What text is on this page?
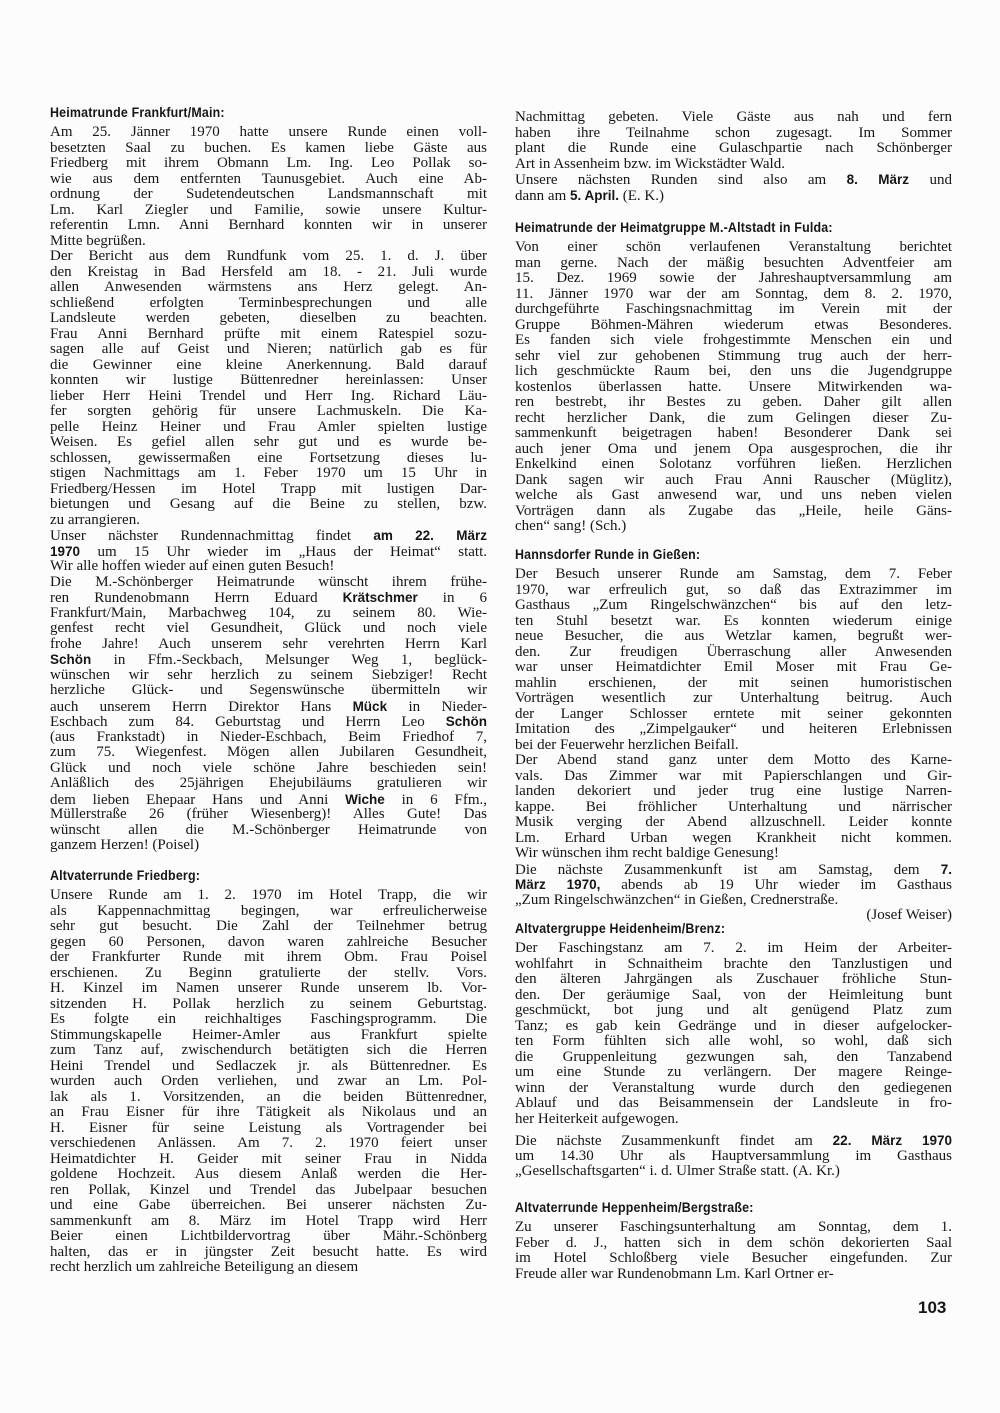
Heimatrunde Frankfurt/Main:
Am 25. Jänner 1970 hatte unsere Runde einen voll-
besetzten Saal zu buchen. Es kamen liebe Gäste aus
Friedberg mit ihrem Obmann Lm. Ing. Leo Pollak so-
wie aus dem entfernten Taunusgebiet. Auch eine Ab-
ordnung der Sudetendeutschen Landsmannschaft mit
Lm. Karl Ziegler und Familie, sowie unsere Kultur-
referentin Lmn. Anni Bernhard konnten wir in unserer
Mitte begrüßen.
Der Bericht aus dem Rundfunk vom 25. 1. d. J. über
den Kreistag in Bad Hersfeld am 18. - 21. Juli wurde
allen Anwesenden wärmstens ans Herz gelegt. An-
schließend erfolgten Terminbesprechungen und alle
Landsleute werden gebeten, dieselben zu beachten.
Frau Anni Bernhard prüfte mit einem Ratespiel sozu-
sagen alle auf Geist und Nieren; natürlich gab es für
die Gewinner eine kleine Anerkennung. Bald darauf
konnten wir lustige Büttenredner hereinlassen: Unser
lieber Herr Heini Trendel und Herr Ing. Richard Läu-
fer sorgten gehörig für unsere Lachmuskeln. Die Ka-
pelle Heinz Heiner und Frau Amler spielten lustige
Weisen. Es gefiel allen sehr gut und es wurde be-
schlossen, gewissermaßen eine Fortsetzung dieses lu-
stigen Nachmittags am 1. Feber 1970 um 15 Uhr in
Friedberg/Hessen im Hotel Trapp mit lustigen Dar-
bietungen und Gesang auf die Beine zu stellen, bzw.
zu arrangieren.
Unser nächster Rundennachmittag findet am 22. März
1970 um 15 Uhr wieder im „Haus der Heimat“ statt.
Wir alle hoffen wieder auf einen guten Besuch!
Die M.-Schönberger Heimatrunde wünscht ihrem frühe-
ren Rundenobmann Herrn Eduard Krätschmer in 6
Frankfurt/Main, Marbachweg 104, zu seinem 80. Wie-
genfest recht viel Gesundheit, Glück und noch viele
frohe Jahre! Auch unserem sehr verehrten Herrn Karl
Schön in Ffm.-Seckbach, Melsunger Weg 1, beglück-
wünschen wir sehr herzlich zu seinem Siebziger! Recht
herzliche Glück- und Segenswünsche übermitteln wir
auch unserem Herrn Direktor Hans Mück in Nieder-
Eschbach zum 84. Geburtstag und Herrn Leo Schön
(aus Frankstadt) in Nieder-Eschbach, Beim Friedhof 7,
zum 75. Wiegenfest. Mögen allen Jubilaren Gesundheit,
Glück und noch viele schöne Jahre beschieden sein!
Anläßlich des 25jährigen Ehejubiläums gratulieren wir
dem lieben Ehepaar Hans und Anni Wiche in 6 Ffm.,
Müllerstraße 26 (früher Wiesenberg)! Alles Gute! Das
wünscht allen die M.-Schönberger Heimatrunde von
ganzem Herzen! (Poisel)
Altvaterrunde Friedberg:
Unsere Runde am 1. 2. 1970 im Hotel Trapp, die wir
als Kappennachmittag begingen, war erfreulicherweise
sehr gut besucht. Die Zahl der Teilnehmer betrug
gegen 60 Personen, davon waren zahlreiche Besucher
der Frankfurter Runde mit ihrem Obm. Frau Poisel
erschienen. Zu Beginn gratulierte der stellv. Vors.
H. Kinzel im Namen unserer Runde unserem lb. Vor-
sitzenden H. Pollak herzlich zu seinem Geburtstag.
Es folgte ein reichhaltiges Faschingsprogramm. Die
Stimmungskapelle Heimer-Amler aus Frankfurt spielte
zum Tanz auf, zwischendurch betätigten sich die Herren
Heini Trendel und Sedlaczek jr. als Büttenredner. Es
wurden auch Orden verliehen, und zwar an Lm. Pol-
lak als 1. Vorsitzenden, an die beiden Büttenredner,
an Frau Eisner für ihre Tätigkeit als Nikolaus und an
H. Eisner für seine Leistung als Vortragender bei
verschiedenen Anlässen. Am 7. 2. 1970 feiert unser
Heimatdichter H. Geider mit seiner Frau in Nidda
goldene Hochzeit. Aus diesem Anlaß werden die Her-
ren Pollak, Kinzel und Trendel das Jubelpaar besuchen
und eine Gabe überreichen. Bei unserer nächsten Zu-
sammenkunft am 8. März im Hotel Trapp wird Herr
Beier einen Lichtbildervortrag über Mähr.-Schönberg
halten, das er in jüngster Zeit besucht hatte. Es wird
recht herzlich um zahlreiche Beteiligung an diesem
Nachmittag gebeten. Viele Gäste aus nah und fern
haben ihre Teilnahme schon zugesagt. Im Sommer
plant die Runde eine Gulaschpartie nach Schönberger
Art in Assenheim bzw. im Wickstädter Wald.
Unsere nächsten Runden sind also am 8. März und
dann am 5. April. (E. K.)
Heimatrunde der Heimatgruppe M.-Altstadt in Fulda:
Von einer schön verlaufenen Veranstaltung berichtet
man gerne. Nach der mäßig besuchten Adventfeier am
15. Dez. 1969 sowie der Jahreshauptversammlung am
11. Jänner 1970 war der am Sonntag, dem 8. 2. 1970,
durchgeführte Faschingsnachmittag im Verein mit der
Gruppe Böhmen-Mähren wiederum etwas Besonderes.
Es fanden sich viele frohgestimmte Menschen ein und
sehr viel zur gehobenen Stimmung trug auch der herr-
lich geschmückte Raum bei, den uns die Jugendgruppe
kostenlos überlassen hatte. Unsere Mitwirkenden wa-
ren bestrebt, ihr Bestes zu geben. Daher gilt allen
recht herzlicher Dank, die zum Gelingen dieser Zu-
sammenkunft beigetragen haben! Besonderer Dank sei
auch jener Oma und jenem Opa ausgesprochen, die ihr
Enkelkind einen Solotanz vorführen ließen. Herzlichen
Dank sagen wir auch Frau Anni Rauscher (Müglitz),
welche als Gast anwesend war, und uns neben vielen
Vorträgen dann als Zugabe das „Heile, heile Gäns-
chen“ sang! (Sch.)
Hannsdorfer Runde in Gießen:
Der Besuch unserer Runde am Samstag, dem 7. Feber
1970, war erfreulich gut, so daß das Extrazimmer im
Gasthaus „Zum Ringelschwänzchen“ bis auf den letz-
ten Stuhl besetzt war. Es konnten wiederum einige
neue Besucher, die aus Wetzlar kamen, begrußt wer-
den. Zur freudigen Überraschung aller Anwesenden
war unser Heimatdichter Emil Moser mit Frau Ge-
mahlin erschienen, der mit seinen humoristischen
Vorträgen wesentlich zur Unterhaltung beitrug. Auch
der Langer Schlosser erntete mit seiner gekonnten
Imitation des „Zimpelgauker“ und heiteren Erlebnissen
bei der Feuerwehr herzlichen Beifall.
Der Abend stand ganz unter dem Motto des Karne-
vals. Das Zimmer war mit Papierschlangen und Gir-
landen dekoriert und jeder trug eine lustige Narren-
kappe. Bei fröhlicher Unterhaltung und närrischer
Musik verging der Abend allzuschnell. Leider konnte
Lm. Erhard Urban wegen Krankheit nicht kommen.
Wir wünschen ihm recht baldige Genesung!
Die nächste Zusammenkunft ist am Samstag, dem 7.
März 1970, abends ab 19 Uhr wieder im Gasthaus
„Zum Ringelschwänzchen“ in Gießen, Crednerstraße.
(Josef Weiser)
Altvatergruppe Heidenheim/Brenz:
Der Faschingstanz am 7. 2. im Heim der Arbeiter-
wohlfahrt in Schnaitheim brachte den Tanzlustigen und
den älteren Jahrgängen als Zuschauer fröhliche Stun-
den. Der geräumige Saal, von der Heimleitung bunt
geschmückt, bot jung und alt genügend Platz zum
Tanz; es gab kein Gedränge und in dieser aufgelocker-
ten Form fühlten sich alle wohl, so wohl, daß sich
die Gruppenleitung gezwungen sah, den Tanzabend
um eine Stunde zu verlängern. Der magere Reinge-
winn der Veranstaltung wurde durch den gediegenen
Ablauf und das Beisammensein der Landsleute in fro-
her Heiterkeit aufgewogen.
Die nächste Zusammenkunft findet am 22. März 1970
um 14.30 Uhr als Hauptversammlung im Gasthaus
„Gesellschaftsgarten“ i. d. Ulmer Straße statt. (A. Kr.)
Altvaterrunde Heppenheim/Bergstraße:
Zu unserer Faschingsunterhaltung am Sonntag, dem 1.
Feber d. J., hatten sich in dem schön dekorierten Saal
im Hotel Schloßberg viele Besucher eingefunden. Zur
Freude aller war Rundenobmann Lm. Karl Ortner er-
103
